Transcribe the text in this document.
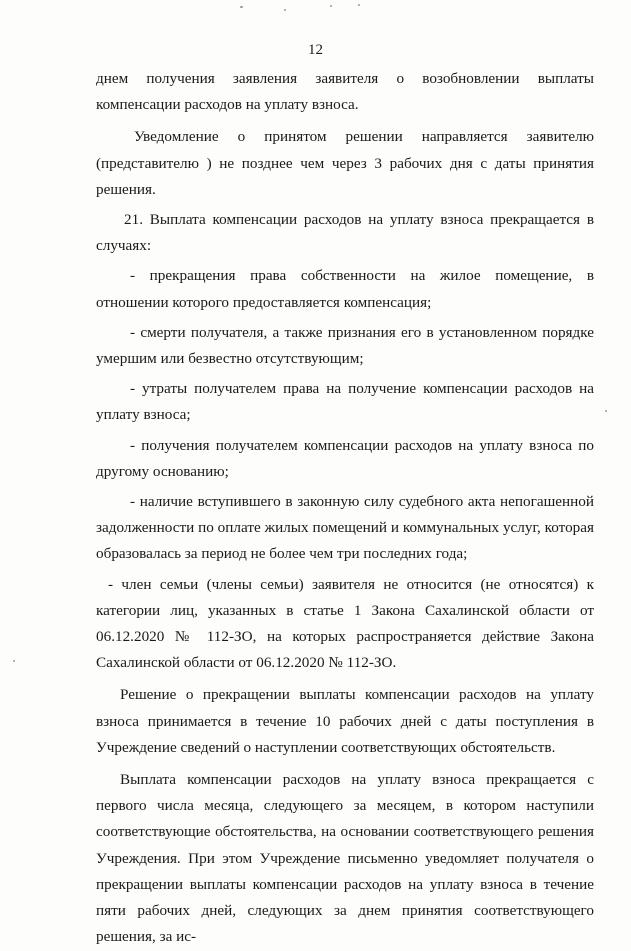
12

днем получения заявления заявителя о возобновлении выплаты компенсации расходов на уплату взноса.

Уведомление о принятом решении направляется заявителю (представителю ) не позднее чем через 3 рабочих дня с даты принятия решения.

21. Выплата компенсации расходов на уплату взноса прекращается в случаях:

- прекращения права собственности на жилое помещение, в отношении которого предоставляется компенсация;

- смерти получателя, а также признания его в установленном порядке умершим или безвестно отсутствующим;

- утраты получателем права на получение компенсации расходов на уплату взноса;

- получения получателем компенсации расходов на уплату взноса по другому основанию;

- наличие вступившего в законную силу судебного акта непогашенной задолженности по оплате жилых помещений и коммунальных услуг, которая образовалась за период не более чем три последних года;

- член семьи (члены семьи) заявителя не относится (не относятся) к категории лиц, указанных в статье 1 Закона Сахалинской области от 06.12.2020 № 112-ЗО, на которых распространяется действие Закона Сахалинской области от 06.12.2020 № 112-ЗО.

Решение о прекращении выплаты компенсации расходов на уплату взноса принимается в течение 10 рабочих дней с даты поступления в Учреждение сведений о наступлении соответствующих обстоятельств.

Выплата компенсации расходов на уплату взноса прекращается с первого числа месяца, следующего за месяцем, в котором наступили соответствующие обстоятельства, на основании соответствующего решения Учреждения. При этом Учреждение письменно уведомляет получателя о прекращении выплаты компенсации расходов на уплату взноса в течение пяти рабочих дней, следующих за днем принятия соответствующего решения, за ис-
